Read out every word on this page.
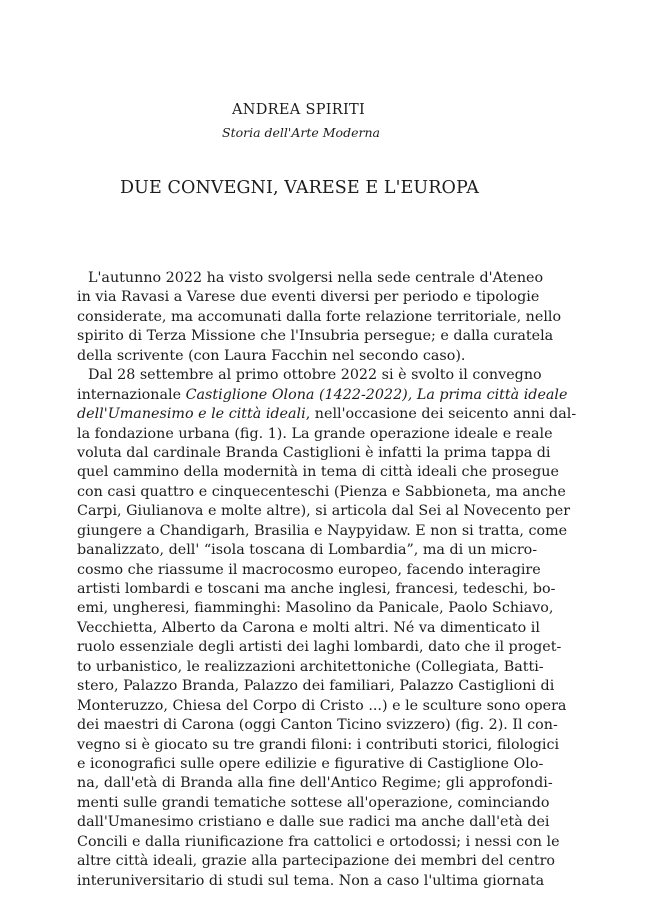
ANDREA SPIRITI
Storia dell'Arte Moderna
DUE CONVEGNI, VARESE E L'EUROPA
L'autunno 2022 ha visto svolgersi nella sede centrale d'Ateneo
in via Ravasi a Varese due eventi diversi per periodo e tipologie
considerate, ma accomunati dalla forte relazione territoriale, nello
spirito di Terza Missione che l'Insubria persegue; e dalla curatela
della scrivente (con Laura Facchin nel secondo caso).
Dal 28 settembre al primo ottobre 2022 si è svolto il convegno
internazionale Castiglione Olona (1422-2022), La prima città ideale
dell'Umanesimo e le città ideali, nell'occasione dei seicento anni dal-
la fondazione urbana (fig. 1). La grande operazione ideale e reale
voluta dal cardinale Branda Castiglioni è infatti la prima tappa di
quel cammino della modernità in tema di città ideali che prosegue
con casi quattro e cinquecenteschi (Pienza e Sabbioneta, ma anche
Carpi, Giulianova e molte altre), si articola dal Sei al Novecento per
giungere a Chandigarh, Brasilia e Naypyidaw. E non si tratta, come
banalizzato, dell' “isola toscana di Lombardia”, ma di un micro-
cosmo che riassume il macrocosmo europeo, facendo interagire
artisti lombardi e toscani ma anche inglesi, francesi, tedeschi, bo-
emi, ungheresi, fiamminghi: Masolino da Panicale, Paolo Schiavo,
Vecchietta, Alberto da Carona e molti altri. Né va dimenticato il
ruolo essenziale degli artisti dei laghi lombardi, dato che il proget-
to urbanistico, le realizzazioni architettoniche (Collegiata, Batti-
stero, Palazzo Branda, Palazzo dei familiari, Palazzo Castiglioni di
Monteruzzo, Chiesa del Corpo di Cristo ...) e le sculture sono opera
dei maestri di Carona (oggi Canton Ticino svizzero) (fig. 2). Il con-
vegno si è giocato su tre grandi filoni: i contributi storici, filologici
e iconografici sulle opere edilizie e figurative di Castiglione Olo-
na, dall'età di Branda alla fine dell'Antico Regime; gli approfondi-
menti sulle grandi tematiche sottese all'operazione, cominciando
dall'Umanesimo cristiano e dalle sue radici ma anche dall'età dei
Concili e dalla riunificazione fra cattolici e ortodossi; i nessi con le
altre città ideali, grazie alla partecipazione dei membri del centro
interuniversitario di studi sul tema. Non a caso l'ultima giornata
